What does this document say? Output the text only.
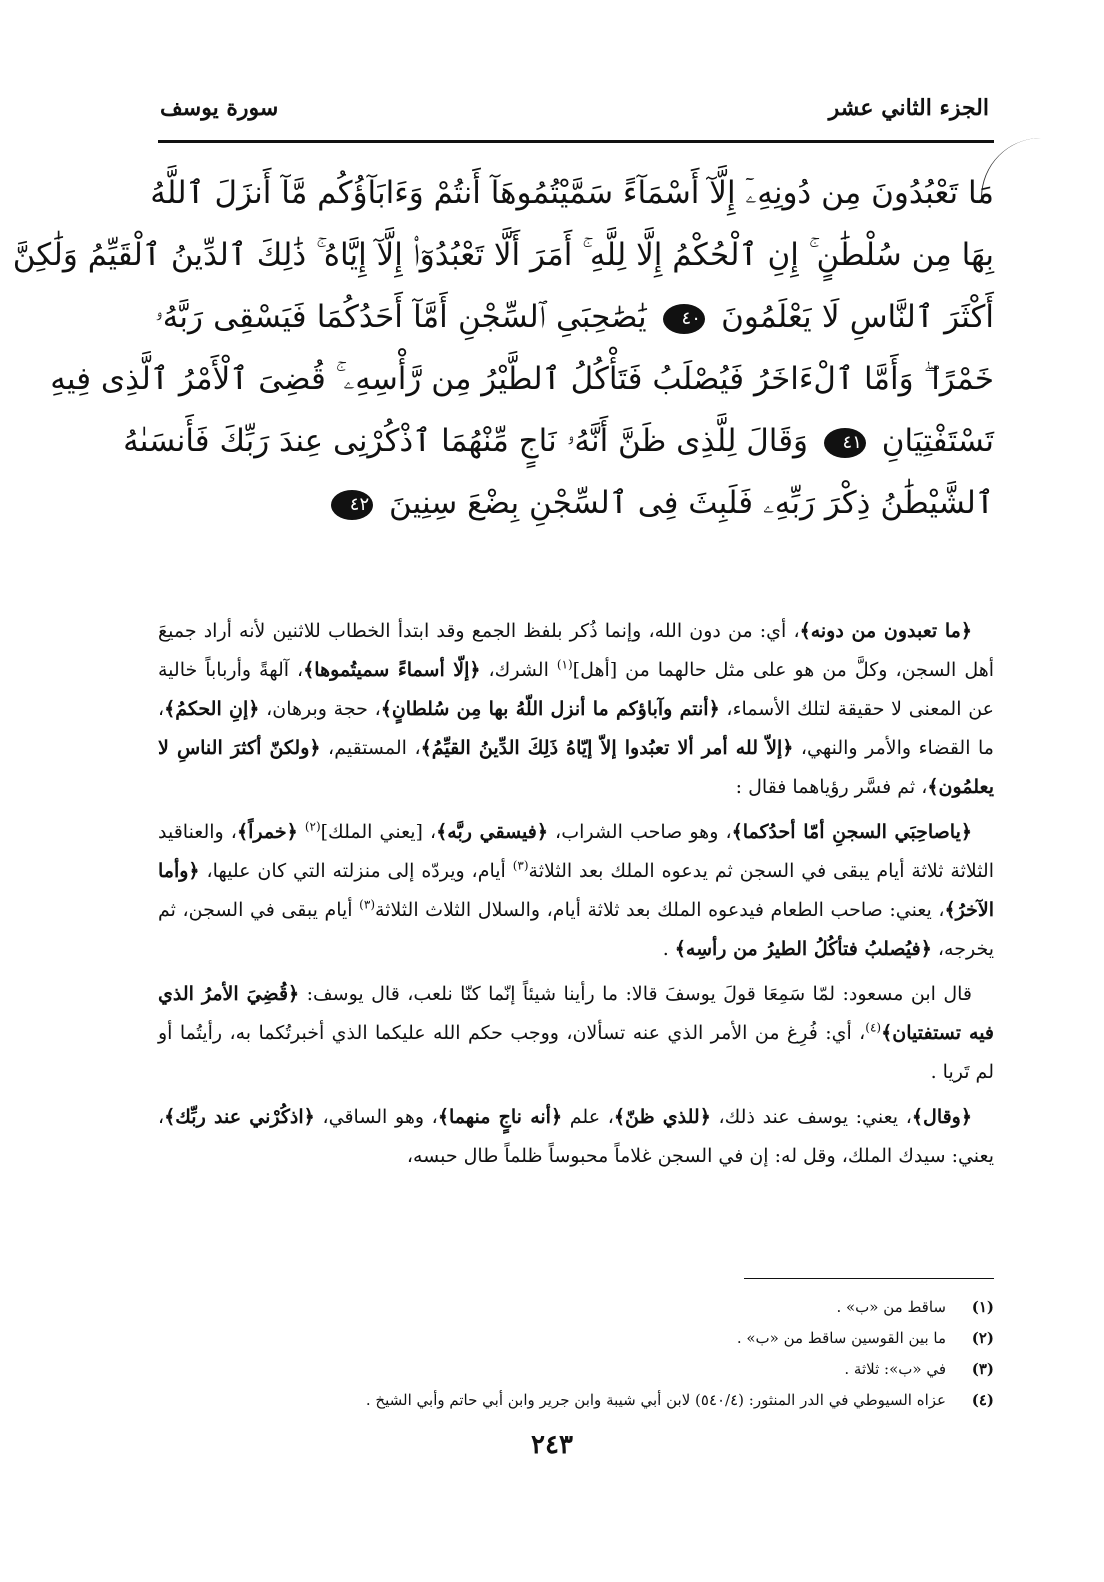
الجزء الثاني عشر
سورة يوسف
مَا تَعْبُدُونَ مِن دُونِهِۦٓ إِلَّآ أَسْمَآءً سَمَّيْتُمُوهَآ أَنتُمْ وَءَابَآؤُكُم مَّآ أَنزَلَ ٱللَّهُ
بِهَا مِن سُلْطَٰنٍ ۚ إِنِ ٱلْحُكْمُ إِلَّا لِلَّهِ ۚ أَمَرَ أَلَّا تَعْبُدُوٓا۟ إِلَّآ إِيَّاهُ ۚ ذَٰلِكَ ٱلدِّينُ ٱلْقَيِّمُ وَلَٰكِنَّ
أَكْثَرَ ٱلنَّاسِ لَا يَعْلَمُونَ ٤٠ يَٰصَٰحِبَىِ ٱلسِّجْنِ أَمَّآ أَحَدُكُمَا فَيَسْقِى رَبَّهُۥ
خَمْرًا ۖ وَأَمَّا ٱلْءَاخَرُ فَيُصْلَبُ فَتَأْكُلُ ٱلطَّيْرُ مِن رَّأْسِهِۦ ۚ قُضِىَ ٱلْأَمْرُ ٱلَّذِى فِيهِ
تَسْتَفْتِيَانِ ٤١ وَقَالَ لِلَّذِى ظَنَّ أَنَّهُۥ نَاجٍ مِّنْهُمَا ٱذْكُرْنِى عِندَ رَبِّكَ فَأَنسَىٰهُ
ٱلشَّيْطَٰنُ ذِكْرَ رَبِّهِۦ فَلَبِثَ فِى ٱلسِّجْنِ بِضْعَ سِنِينَ ٤٢

﴿ما تعبدون من دونه﴾، أي: من دون الله، وإنما ذُكر بلفظ الجمع وقد ابتدأ الخطاب للاثنين لأنه أراد جميعَ أهل السجن، وكلَّ من هو على مثل حالهما من [أهل]$^{(١)}$ الشرك، ﴿إلّا أسماءً سميتُموها﴾، آلهةً وأرباباً خالية عن المعنى لا حقيقة لتلك الأسماء، ﴿أنتم وآباؤكم ما أنزل اللّهُ بها مِن سُلطانٍ﴾، حجة وبرهان، ﴿إنِ الحكمُ﴾، ما القضاء والأمر والنهي، ﴿إلاّ لله أمر ألا تعبُدوا إلاّ إيّاهُ ذَلِكَ الدِّينُ القيِّمُ﴾، المستقيم، ﴿ولكنّ أكثرَ الناسِ لا يعلمُون﴾، ثم فسَّر رؤياهما فقال :

﴿ياصاحِبَي السجنِ أمّا أحدُكما﴾، وهو صاحب الشراب، ﴿فيسقي ربَّه﴾، [يعني الملك]$^{(٢)}$ ﴿خمراً﴾، والعناقيد الثلاثة ثلاثة أيام يبقى في السجن ثم يدعوه الملك بعد الثلاثة$^{(٣)}$ أيام، ويردّه إلى منزلته التي كان عليها، ﴿وأما الآخرُ﴾، يعني: صاحب الطعام فيدعوه الملك بعد ثلاثة أيام، والسلال الثلاث الثلاثة$^{(٣)}$ أيام يبقى في السجن، ثم يخرجه، ﴿فيُصلبُ فتأكُلُ الطيرُ من رأسِه﴾ .

قال ابن مسعود: لمّا سَمِعَا قولَ يوسفَ قالا: ما رأينا شيئاً إنّما كنّا نلعب، قال يوسف: ﴿قُضِيَ الأمرُ الذي فيه تستفتيان﴾$^{(٤)}$، أي: فُرِغ من الأمر الذي عنه تسألان، ووجب حكم الله عليكما الذي أخبرتُكما به، رأيتُما أو لم تَريا .

﴿وقال﴾، يعني: يوسف عند ذلك، ﴿للذي ظنّ﴾، علم ﴿أنه ناجٍ منهما﴾، وهو الساقي، ﴿اذكُرْني عند ربِّك﴾، يعني: سيدك الملك، وقل له: إن في السجن غلاماً محبوساً ظلماً طال حبسه،

(١)
ساقط من «ب» .
(٢)
ما بين القوسين ساقط من «ب» .
(٣)
في «ب»: ثلاثة .
(٤)
عزاه السيوطي في الدر المنثور: (٥٤٠/٤) لابن أبي شيبة وابن جرير وابن أبي حاتم وأبي الشيخ .
٢٤٣
